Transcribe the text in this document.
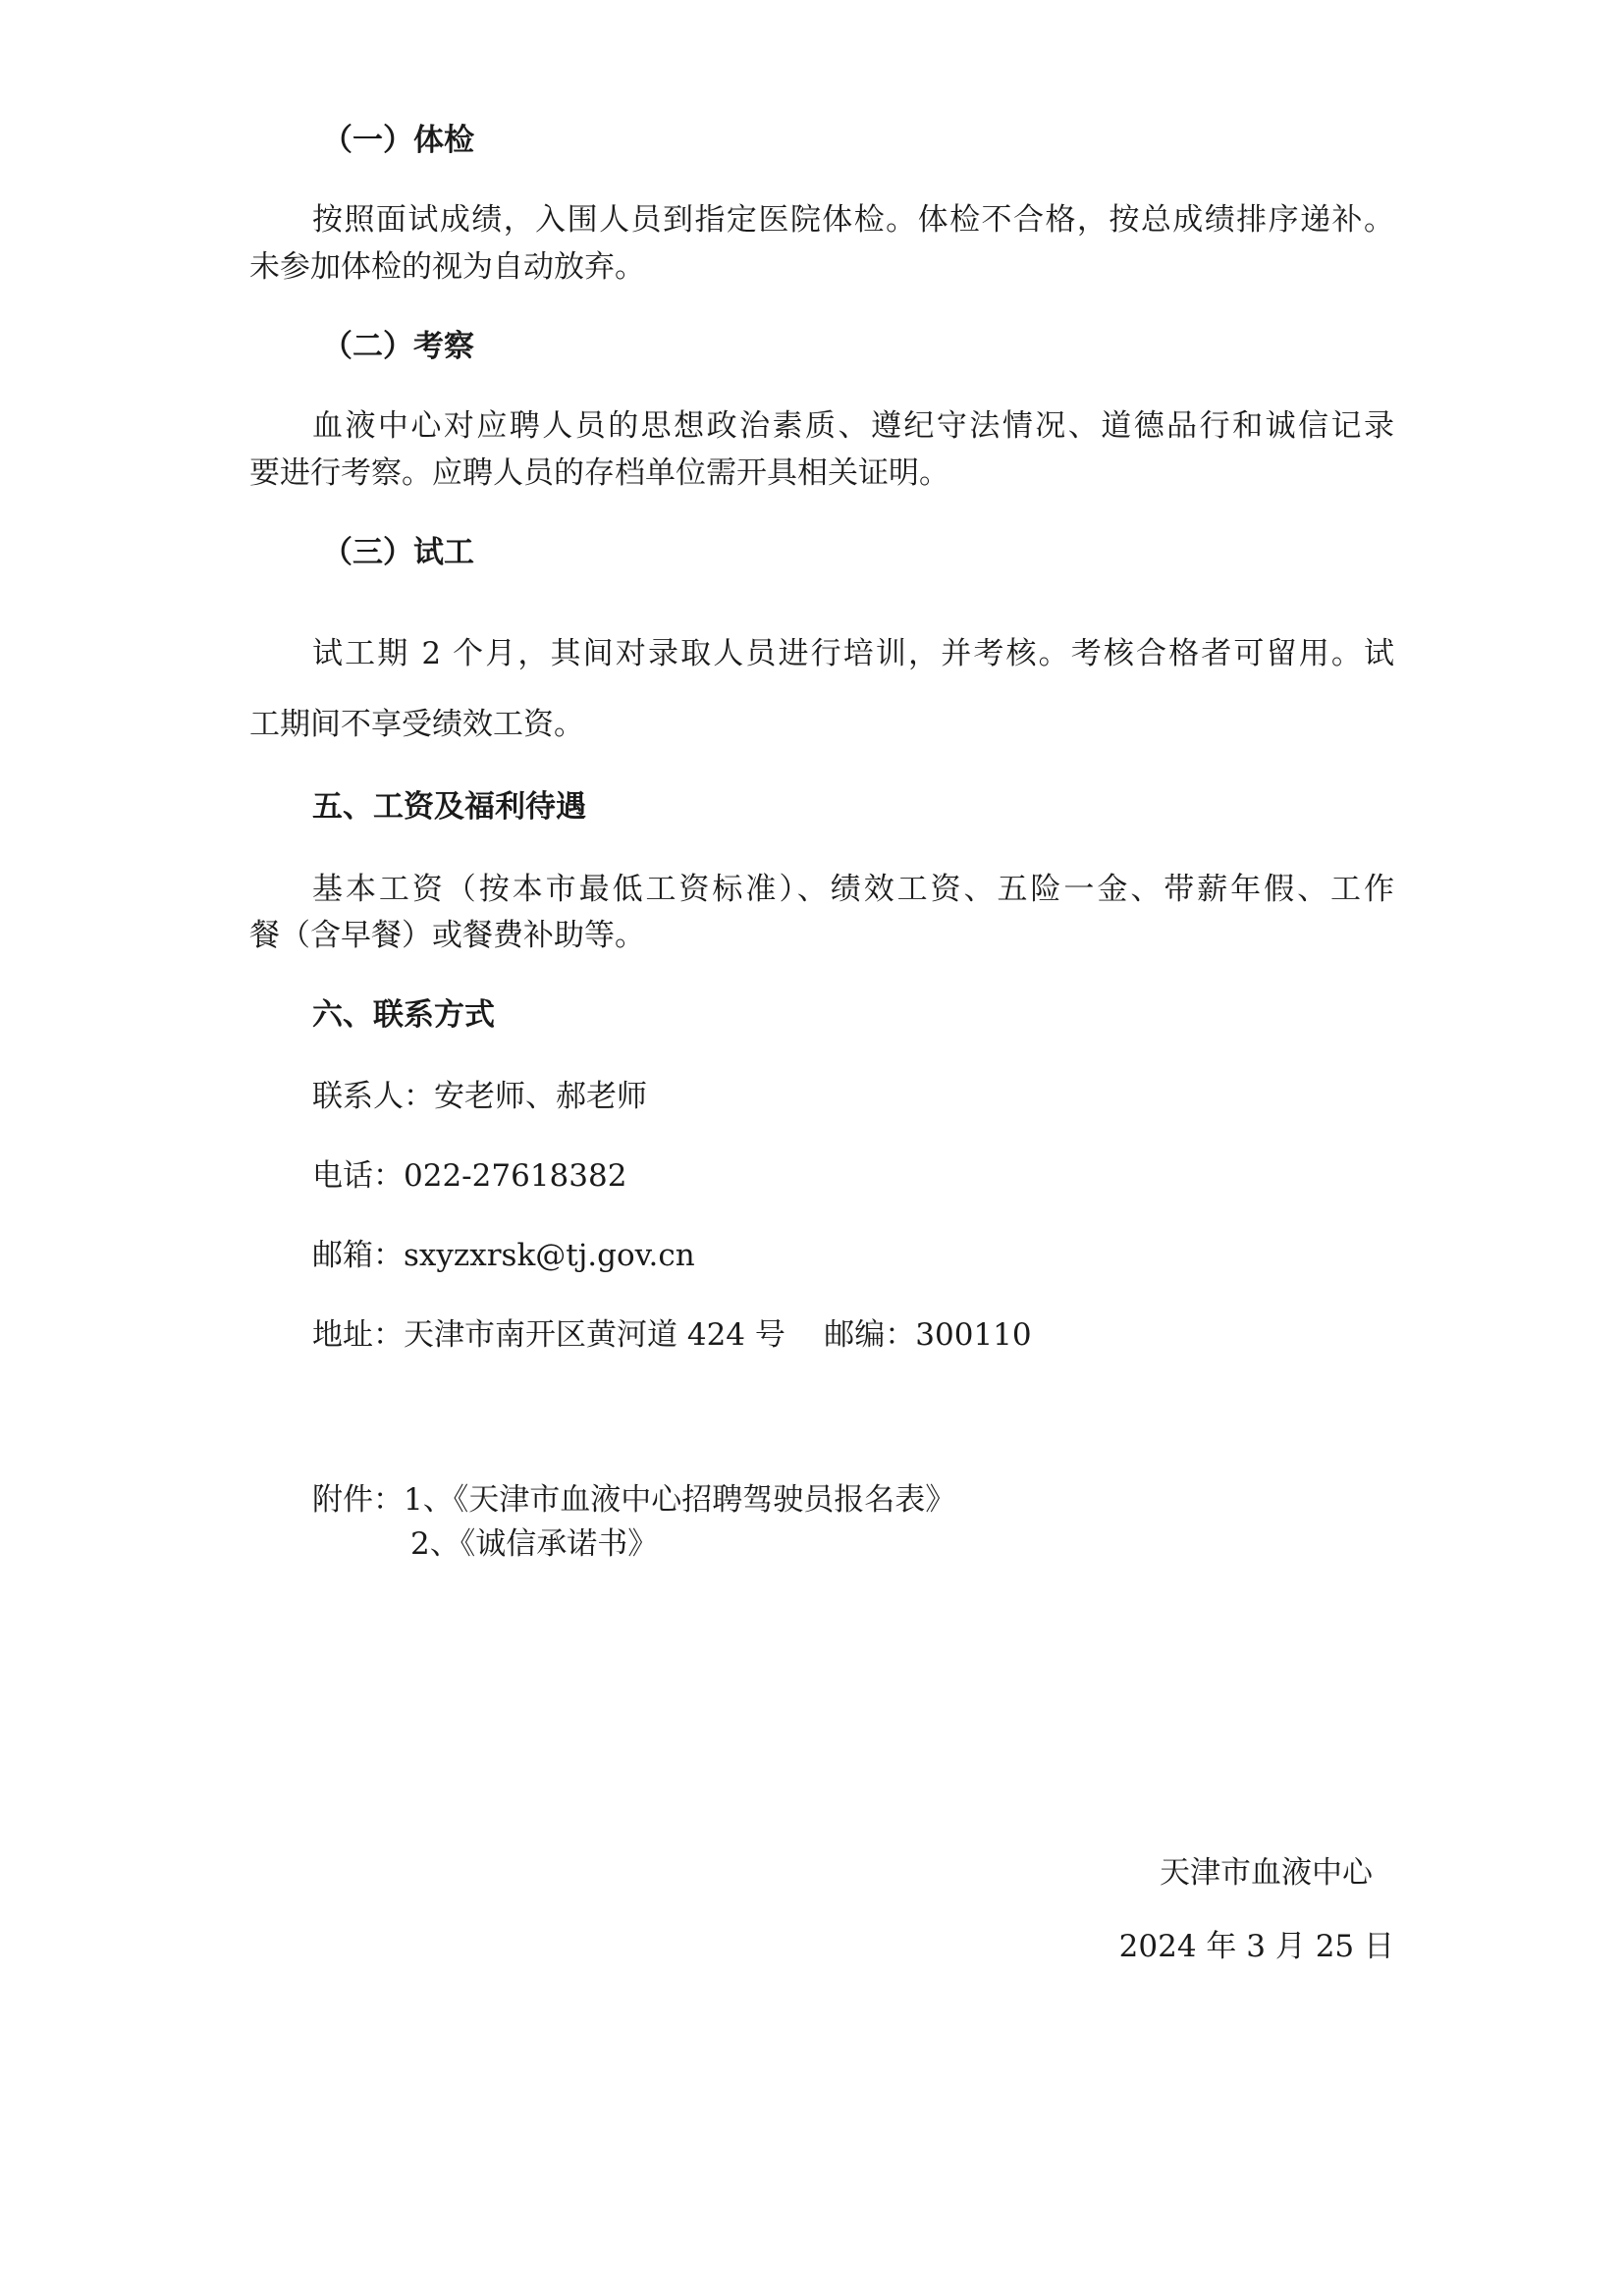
（一）体检
按照面试成绩，入围人员到指定医院体检。体检不合格，按总成绩排序递补。
未参加体检的视为自动放弃。
（二）考察
血液中心对应聘人员的思想政治素质、遵纪守法情况、道德品行和诚信记录
要进行考察。应聘人员的存档单位需开具相关证明。
（三）试工
试工期 2 个月，其间对录取人员进行培训，并考核。考核合格者可留用。试
工期间不享受绩效工资。
五、工资及福利待遇
基本工资（按本市最低工资标准）、绩效工资、五险一金、带薪年假、工作
餐（含早餐）或餐费补助等。
六、联系方式
联系人：安老师、郝老师
电话：022-27618382
邮箱：sxyzxrsk@tj.gov.cn
地址：天津市南开区黄河道 424 号    邮编：300110
附件：1、《天津市血液中心招聘驾驶员报名表》
2、《诚信承诺书》
天津市血液中心
2024 年 3 月 25 日
